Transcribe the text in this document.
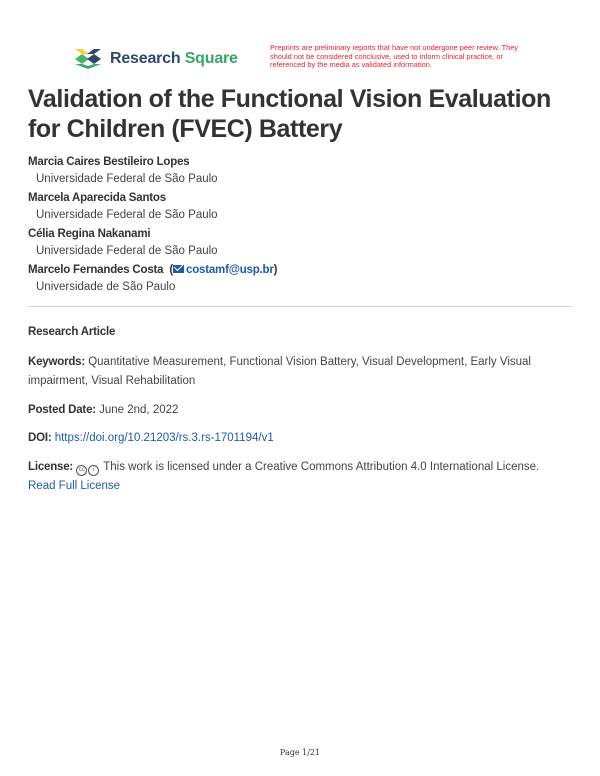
Research Square
Preprints are preliminary reports that have not undergone peer review. They should not be considered conclusive, used to inform clinical practice, or referenced by the media as validated information.
Validation of the Functional Vision Evaluation for Children (FVEC) Battery
Marcia Caires Bestileiro Lopes
Universidade Federal de São Paulo
Marcela Aparecida Santos
Universidade Federal de São Paulo
Célia Regina Nakanami
Universidade Federal de São Paulo
Marcelo Fernandes Costa  ( costamf@usp.br)
Universidade de São Paulo
Research Article
Keywords: Quantitative Measurement, Functional Vision Battery, Visual Development, Early Visual impairment, Visual Rehabilitation
Posted Date: June 2nd, 2022
DOI: https://doi.org/10.21203/rs.3.rs-1701194/v1
License: cc i This work is licensed under a Creative Commons Attribution 4.0 International License.
Read Full License
Page 1/21
